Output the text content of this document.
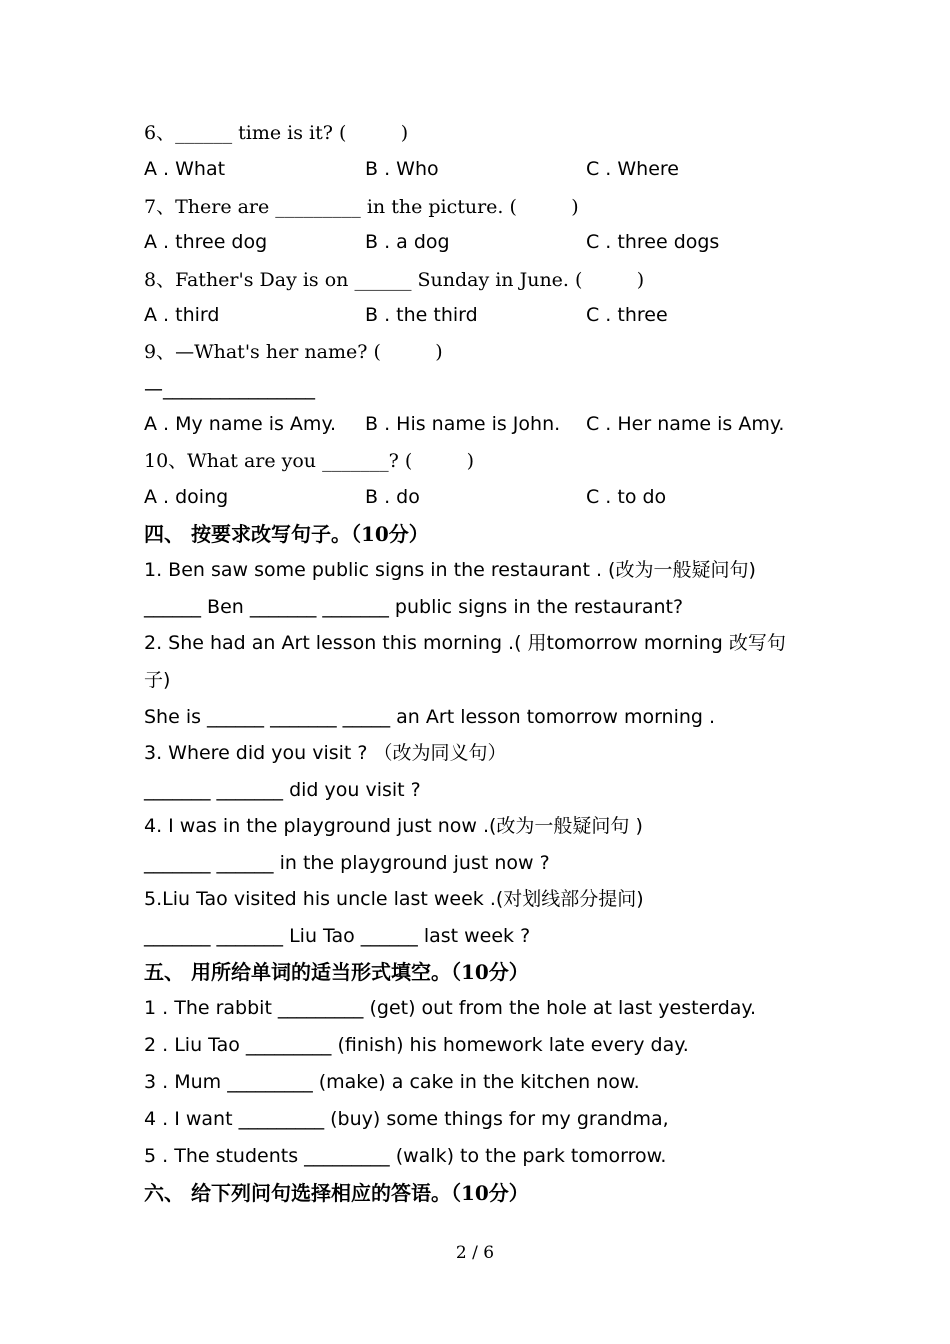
6、______ time is it? (         )
A . What	B . Who	C . Where
7、There are _________ in the picture. (         )
A . three dog	B . a dog	C . three dogs
8、Father's Day is on ______ Sunday in June. (         )
A . third	B . the third	C . three
9、—What's her name? (         )
—________________
A . My name is Amy. B . His name is John. C . Her name is Amy.
10、What are you _______? (         )
A . doing	B . do	C . to do
四、 按要求改写句子。（10分）
1. Ben saw some public signs in the restaurant . (改为一般疑问句)
______ Ben _______ _______ public signs in the restaurant?
2. She had an Art lesson this morning .( 用tomorrow morning 改写句
子)
She is ______ _______ _____ an Art lesson tomorrow morning .
3. Where did you visit ? （改为同义句）
_______ _______ did you visit ?
4. I was in the playground just now .(改为一般疑问句 )
_______ ______ in the playground just now ?
5.Liu Tao visited his uncle last week .(对划线部分提问)
_______ _______ Liu Tao ______ last week ?
五、 用所给单词的适当形式填空。（10分）
1 . The rabbit _________ (get) out from the hole at last yesterday.
2 . Liu Tao _________ (finish) his homework late every day.
3 . Mum _________ (make) a cake in the kitchen now.
4 . I want _________ (buy) some things for my grandma,
5 . The students _________ (walk) to the park tomorrow.
六、 给下列问句选择相应的答语。（10分）
2 / 6
